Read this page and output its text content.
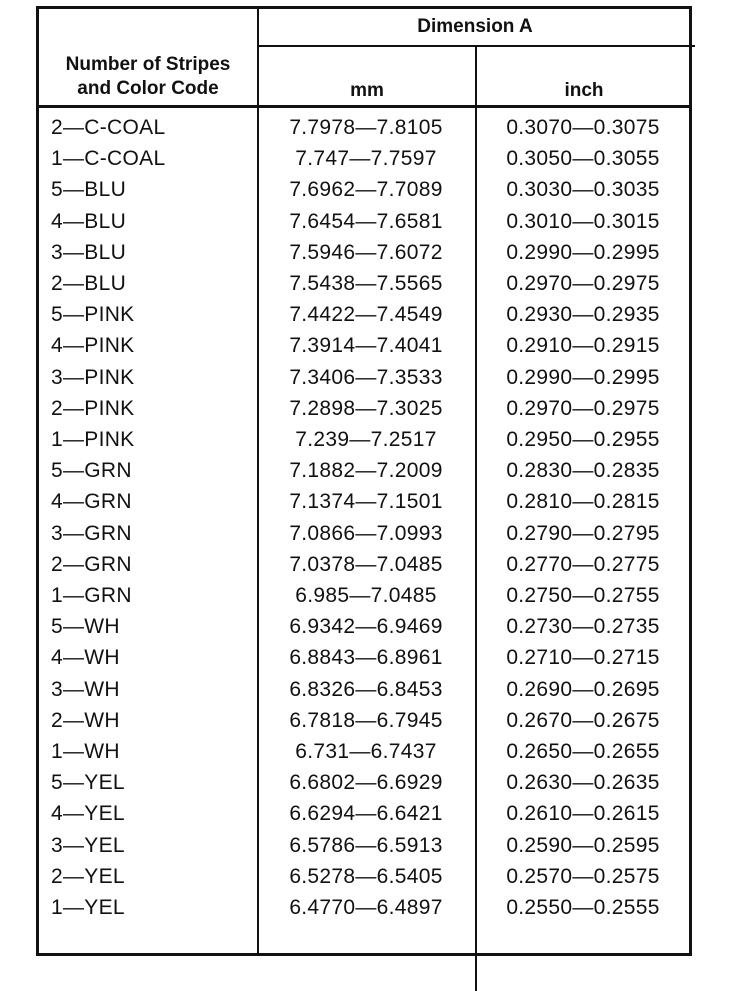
Dimension A
Number of Stripes
and Color Code	mm	inch
2—C-COAL	7.7978—7.8105	0.3070—0.3075
1—C-COAL	7.747—7.7597	0.3050—0.3055
5—BLU	7.6962—7.7089	0.3030—0.3035
4—BLU	7.6454—7.6581	0.3010—0.3015
3—BLU	7.5946—7.6072	0.2990—0.2995
2—BLU	7.5438—7.5565	0.2970—0.2975
5—PINK	7.4422—7.4549	0.2930—0.2935
4—PINK	7.3914—7.4041	0.2910—0.2915
3—PINK	7.3406—7.3533	0.2990—0.2995
2—PINK	7.2898—7.3025	0.2970—0.2975
1—PINK	7.239—7.2517	0.2950—0.2955
5—GRN	7.1882—7.2009	0.2830—0.2835
4—GRN	7.1374—7.1501	0.2810—0.2815
3—GRN	7.0866—7.0993	0.2790—0.2795
2—GRN	7.0378—7.0485	0.2770—0.2775
1—GRN	6.985—7.0485	0.2750—0.2755
5—WH	6.9342—6.9469	0.2730—0.2735
4—WH	6.8843—6.8961	0.2710—0.2715
3—WH	6.8326—6.8453	0.2690—0.2695
2—WH	6.7818—6.7945	0.2670—0.2675
1—WH	6.731—6.7437	0.2650—0.2655
5—YEL	6.6802—6.6929	0.2630—0.2635
4—YEL	6.6294—6.6421	0.2610—0.2615
3—YEL	6.5786—6.5913	0.2590—0.2595
2—YEL	6.5278—6.5405	0.2570—0.2575
1—YEL	6.4770—6.4897	0.2550—0.2555
